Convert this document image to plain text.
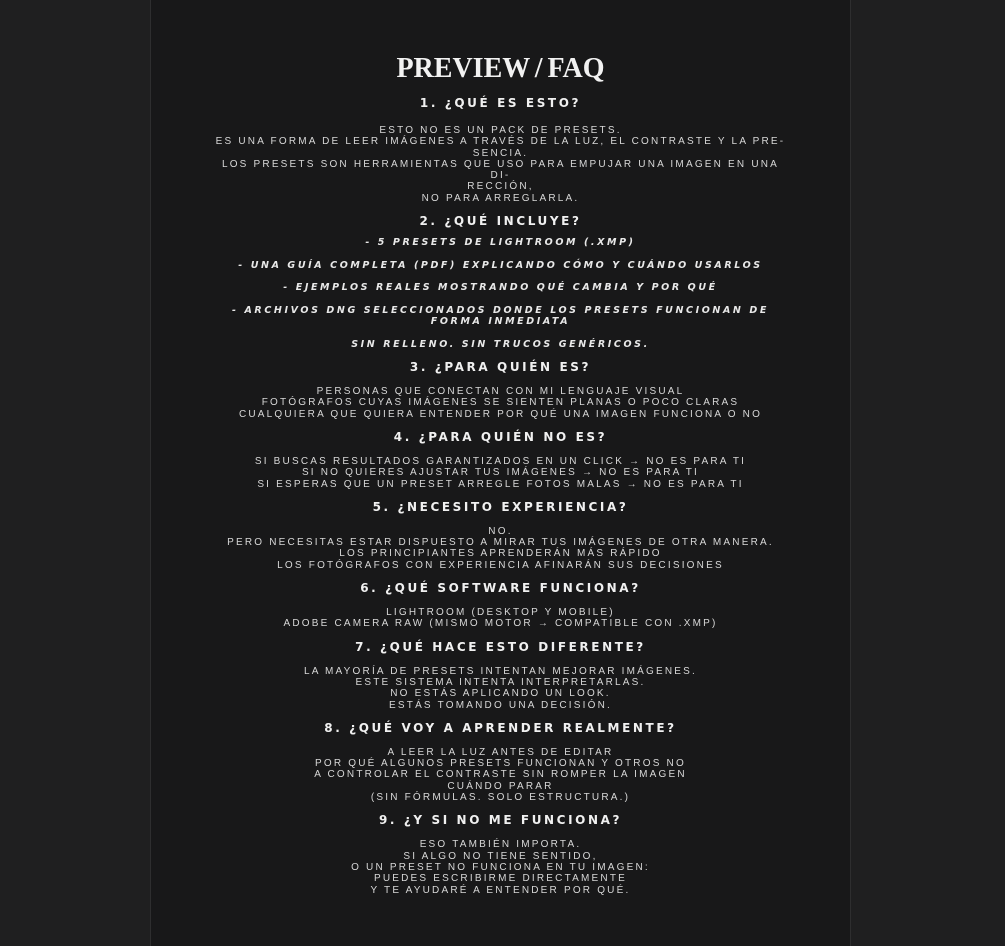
PREVIEW / FAQ
1. ¿QUÉ ES ESTO?
ESTO NO ES UN PACK DE PRESETS.
ES UNA FORMA DE LEER IMÁGENES A TRAVÉS DE LA LUZ, EL CONTRASTE Y LA PRE-
SENCIA.
LOS PRESETS SON HERRAMIENTAS QUE USO PARA EMPUJAR UNA IMAGEN EN UNA DI-
RECCIÓN,
NO PARA ARREGLARLA.
2. ¿QUÉ INCLUYE?
- 5 PRESETS DE LIGHTROOM (.XMP)
- UNA GUÍA COMPLETA (PDF) EXPLICANDO CÓMO Y CUÁNDO USARLOS
- EJEMPLOS REALES MOSTRANDO QUÉ CAMBIA Y POR QUÉ
- ARCHIVOS DNG SELECCIONADOS DONDE LOS PRESETS FUNCIONAN DE FORMA INMEDIATA
SIN RELLENO. SIN TRUCOS GENÉRICOS.
3. ¿PARA QUIÉN ES?
PERSONAS QUE CONECTAN CON MI LENGUAJE VISUAL
FOTÓGRAFOS CUYAS IMÁGENES SE SIENTEN PLANAS O POCO CLARAS
CUALQUIERA QUE QUIERA ENTENDER POR QUÉ UNA IMAGEN FUNCIONA O NO
4. ¿PARA QUIÉN NO ES?
SI BUSCAS RESULTADOS GARANTIZADOS EN UN CLICK → NO ES PARA TI
SI NO QUIERES AJUSTAR TUS IMÁGENES → NO ES PARA TI
SI ESPERAS QUE UN PRESET ARREGLE FOTOS MALAS → NO ES PARA TI
5. ¿NECESITO EXPERIENCIA?
NO.
PERO NECESITAS ESTAR DISPUESTO A MIRAR TUS IMÁGENES DE OTRA MANERA.
LOS PRINCIPIANTES APRENDERÁN MÁS RÁPIDO
LOS FOTÓGRAFOS CON EXPERIENCIA AFINARÁN SUS DECISIONES
6. ¿QUÉ SOFTWARE FUNCIONA?
LIGHTROOM (DESKTOP Y MOBILE)
ADOBE CAMERA RAW (MISMO MOTOR → COMPATIBLE CON .XMP)
7. ¿QUÉ HACE ESTO DIFERENTE?
LA MAYORÍA DE PRESETS INTENTAN MEJORAR IMÁGENES.
ESTE SISTEMA INTENTA INTERPRETARLAS.
NO ESTÁS APLICANDO UN LOOK.
ESTÁS TOMANDO UNA DECISIÓN.
8. ¿QUÉ VOY A APRENDER REALMENTE?
A LEER LA LUZ ANTES DE EDITAR
POR QUÉ ALGUNOS PRESETS FUNCIONAN Y OTROS NO
A CONTROLAR EL CONTRASTE SIN ROMPER LA IMAGEN
CUÁNDO PARAR
(SIN FÓRMULAS. SOLO ESTRUCTURA.)
9. ¿Y SI NO ME FUNCIONA?
ESO TAMBIÉN IMPORTA.
SI ALGO NO TIENE SENTIDO,
O UN PRESET NO FUNCIONA EN TU IMAGEN:
PUEDES ESCRIBIRME DIRECTAMENTE
Y TE AYUDARÉ A ENTENDER POR QUÉ.
